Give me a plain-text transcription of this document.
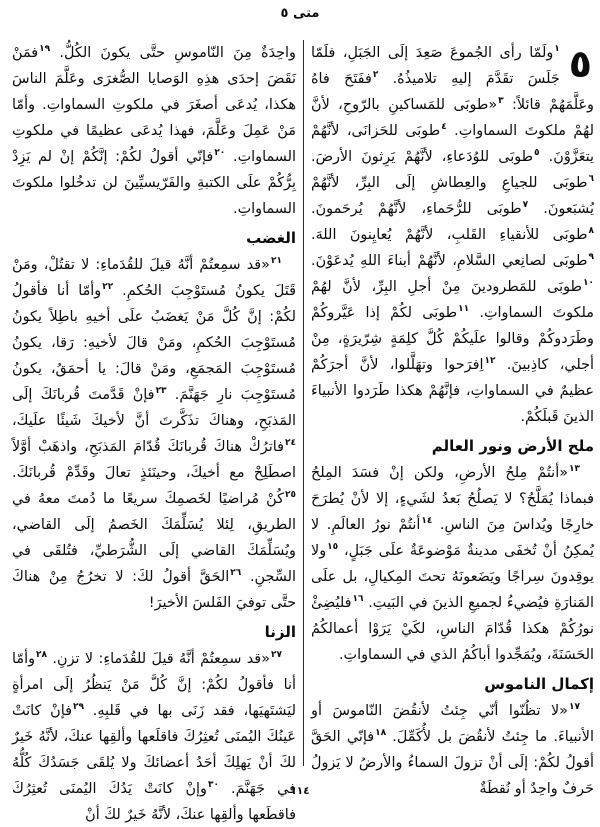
متى ٥

٥
$^١$ولَمّا رأى الجُموعَ صَعِدَ إلَى الجَبَلِ، فلَمّا جَلَسَ تقَدَّمَ إليهِ تلاميذُهُ. $^٢$ففَتَحَ فاهُ وعَلَّمَهُمْ قائلاً: $^٣$«طوبَى للمَساكينِ بالرّوحِ، لأنَّ لهُمْ ملكوتَ السماواتِ. $^٤$طوبَى للحَزانَى، لأنَّهُمْ يتعَزَّوْنَ. $^٥$طوبَى للوُدَعاءِ، لأنَّهُمْ يَرِثونَ الأرضَ. $^٦$طوبَى للجياعِ والعِطاشِ إلَى البِرِّ، لأنَّهُمْ يُشبَعونَ. $^٧$طوبَى للرُّحَماءِ، لأنَّهُمْ يُرحَمونَ. $^٨$طوبَى للأنقياءِ القَلبِ، لأنَّهُمْ يُعايِنونَ اللهَ. $^٩$طوبَى لصانِعي السَّلامِ، لأنَّهُمْ أبناءَ اللهِ يُدعَوْنَ. $^{١٠}$طوبَى للمَطرودينَ مِنْ أجلِ البِرِّ، لأنَّ لهُمْ ملكوتَ السماواتِ. $^{١١}$طوبَى لكُمْ إذا عَيَّروكُمْ وطَرَدوكُمْ وقالوا علَيكُمْ كُلَّ كلِمَةٍ شِرّيرَةٍ، مِنْ أجلي، كاذِبينَ. $^{١٢}$اِفرَحوا وتهَلَّلوا، لأنَّ أجرَكُمْ عظيمٌ في السماواتِ، فإنَّهُمْ هكذا طَرَدوا الأنبياءَ الذينَ قَبلَكُمْ.

ملح الأرض ونور العالم

$^{١٣}$«أنتُمْ مِلحُ الأرضِ، ولكن إنْ فسَدَ المِلحُ فبماذا يُمَلَّحُ؟ لا يَصلُحُ بَعدُ لشَيءٍ، إلا لأنْ يُطرَحَ خارِجًا ويُداسَ مِنَ الناسِ. $^{١٤}$أنتُمْ نورُ العالَمِ. لا يُمكِنُ أنْ تُخفَى مدينةٌ مَوْضوعَةٌ علَى جَبَلٍ، $^{١٥}$ولا يوقِدونَ سِراجًا ويَضَعونَهُ تحتَ المِكيالِ، بل علَى المَنارَةِ فيُضيءُ لجميعِ الذينَ في البَيتِ. $^{١٦}$فليُضِئْ نورُكُمْ هكذا قُدّامَ الناسِ، لكَيْ يَرَوْا أعمالكُمُ الحَسَنَةَ، ويُمَجِّدوا أباكُمُ الذي في السماواتِ.

إكمال الناموس

$^{١٧}$«لا تظُنّوا أنّي جِئتُ لأنقُضَ النّاموسَ أو الأنبياءَ. ما جِئتُ لأنقُضَ بل لأُكَمِّلَ. $^{١٨}$فإنّي الحَقَّ أقولُ لكُمْ: إلَى أنْ تزولَ السماءُ والأرضُ لا يَزولُ حَرفٌ واحِدٌ أو نُقطَةٌ

واحِدَةٌ مِنَ النّاموسِ حتَّى يكونَ الكُلُّ. $^{١٩}$فمَنْ نَقَضَ إحدَى هذِهِ الوَصايا الصُّغرَى وعَلَّمَ الناسَ هكذا، يُدعَى أصغَرَ في ملكوتِ السماواتِ. وأمّا مَنْ عَمِلَ وعَلَّمَ، فهذا يُدعَى عظيمًا في ملكوتِ السماواتِ. $^{٢٠}$فإنّي أقولُ لكُمْ: إنَّكُمْ إنْ لم يَزِدْ بِرُّكُمْ علَى الكتبةِ والفَرّيسيِّينَ لن تدخُلوا ملكوتَ السماواتِ.

الغضب

$^{٢١}$«قد سمِعتُمْ أنَّهُ قيلَ للقُدَماءِ: لا تقتُلْ، ومَنْ قَتَلَ يكونُ مُستَوْجِبَ الحُكمِ. $^{٢٢}$وأمّا أنا فأقولُ لكُمْ: إنَّ كُلَّ مَنْ يَغضَبُ علَى أخيهِ باطِلاً يكونُ مُستَوْجِبَ الحُكمِ، ومَنْ قالَ لأخيهِ: رَقا، يكونُ مُستَوْجِبَ المَجمَعِ، ومَنْ قالَ: يا أحمَقُ، يكونُ مُستَوْجِبَ نارِ جَهَنَّمَ. $^{٢٣}$فإنْ قَدَّمتَ قُربانَكَ إلَى المَذبَحِ، وهناكَ تذَكَّرتَ أنَّ لأخيكَ شَيئًا علَيكَ، $^{٢٤}$فاترُكْ هناكَ قُربانَكَ قُدّامَ المَذبَحِ، واذهَبْ أوَّلاً اصطَلِحْ مع أخيكَ، وحينَئذٍ تعالَ وقَدِّمْ قُربانَكَ. $^{٢٥}$كُنْ مُراضيًا لخَصمِكَ سريعًا ما دُمتَ معهُ في الطريقِ، لِئلا يُسَلِّمَكَ الخَصمُ إلَى القاضي، ويُسَلِّمَكَ القاضي إلَى الشُّرَطيِّ، فتُلقَى في السِّجنِ. $^{٢٦}$الحَقَّ أقولُ لكَ: لا تخرُجُ مِنْ هناكَ حتَّى توفيَ الفَلسَ الأخيرَ!

الزنا

$^{٢٧}$«قد سمِعتُمْ أنَّهُ قيلَ للقُدَماءِ: لا تزنِ. $^{٢٨}$وأمّا أنا فأقولُ لكُمْ: إنَّ كُلَّ مَنْ يَنظُرُ إلَى امرأةٍ ليَشتَهيَها، فقد زَنَى بها في قَلبِهِ. $^{٢٩}$فإنْ كانَتْ عَينُكَ اليُمنَى تُعثِرُكَ فاقلَعها وألقِها عنكَ، لأنَّهُ خَيرٌ لكَ أنْ يَهلِكَ أحَدُ أعضائكَ ولا يُلقَى جَسَدُكَ كُلُّهُ في جَهَنَّمَ. $^{٣٠}$وإنْ كانَتْ يَدُكَ اليُمنَى تُعثِرُكَ فاقطَعها وألقِها عنكَ، لأنَّهُ خَيرٌ لكَ أنْ

١١٤
